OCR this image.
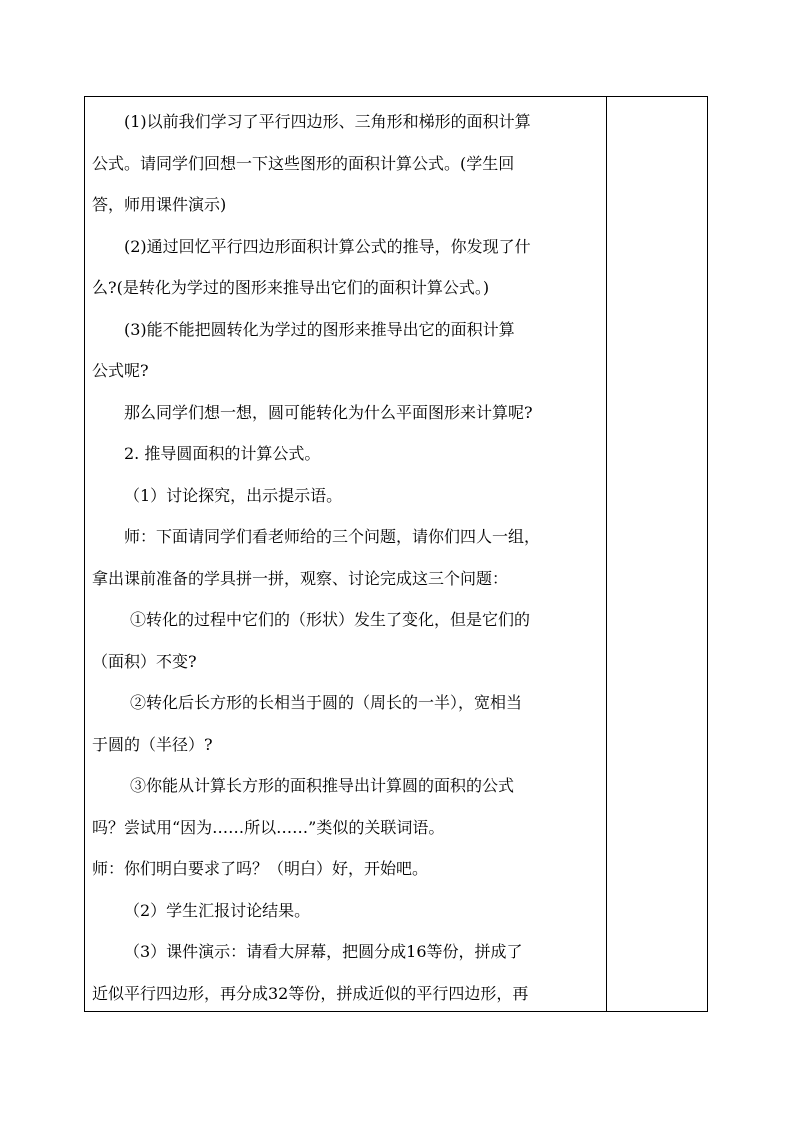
(1)以前我们学习了平行四边形、三角形和梯形的面积计算
公式。请同学们回想一下这些图形的面积计算公式。(学生回
答，师用课件演示)
(2)通过回忆平行四边形面积计算公式的推导，你发现了什
么?(是转化为学过的图形来推导出它们的面积计算公式。)
(3)能不能把圆转化为学过的图形来推导出它的面积计算
公式呢?
那么同学们想一想，圆可能转化为什么平面图形来计算呢?
2. 推导圆面积的计算公式。
（1）讨论探究，出示提示语。
师：下面请同学们看老师给的三个问题，请你们四人一组，
拿出课前准备的学具拼一拼，观察、讨论完成这三个问题：
①转化的过程中它们的（形状）发生了变化，但是它们的
（面积）不变?
②转化后长方形的长相当于圆的（周长的一半），宽相当
于圆的（半径）?
③你能从计算长方形的面积推导出计算圆的面积的公式
吗？尝试用“因为……所以……”类似的关联词语。
师：你们明白要求了吗？（明白）好，开始吧。
（2）学生汇报讨论结果。
（3）课件演示：请看大屏幕，把圆分成16等份，拼成了
近似平行四边形，再分成32等份，拼成近似的平行四边形，再
